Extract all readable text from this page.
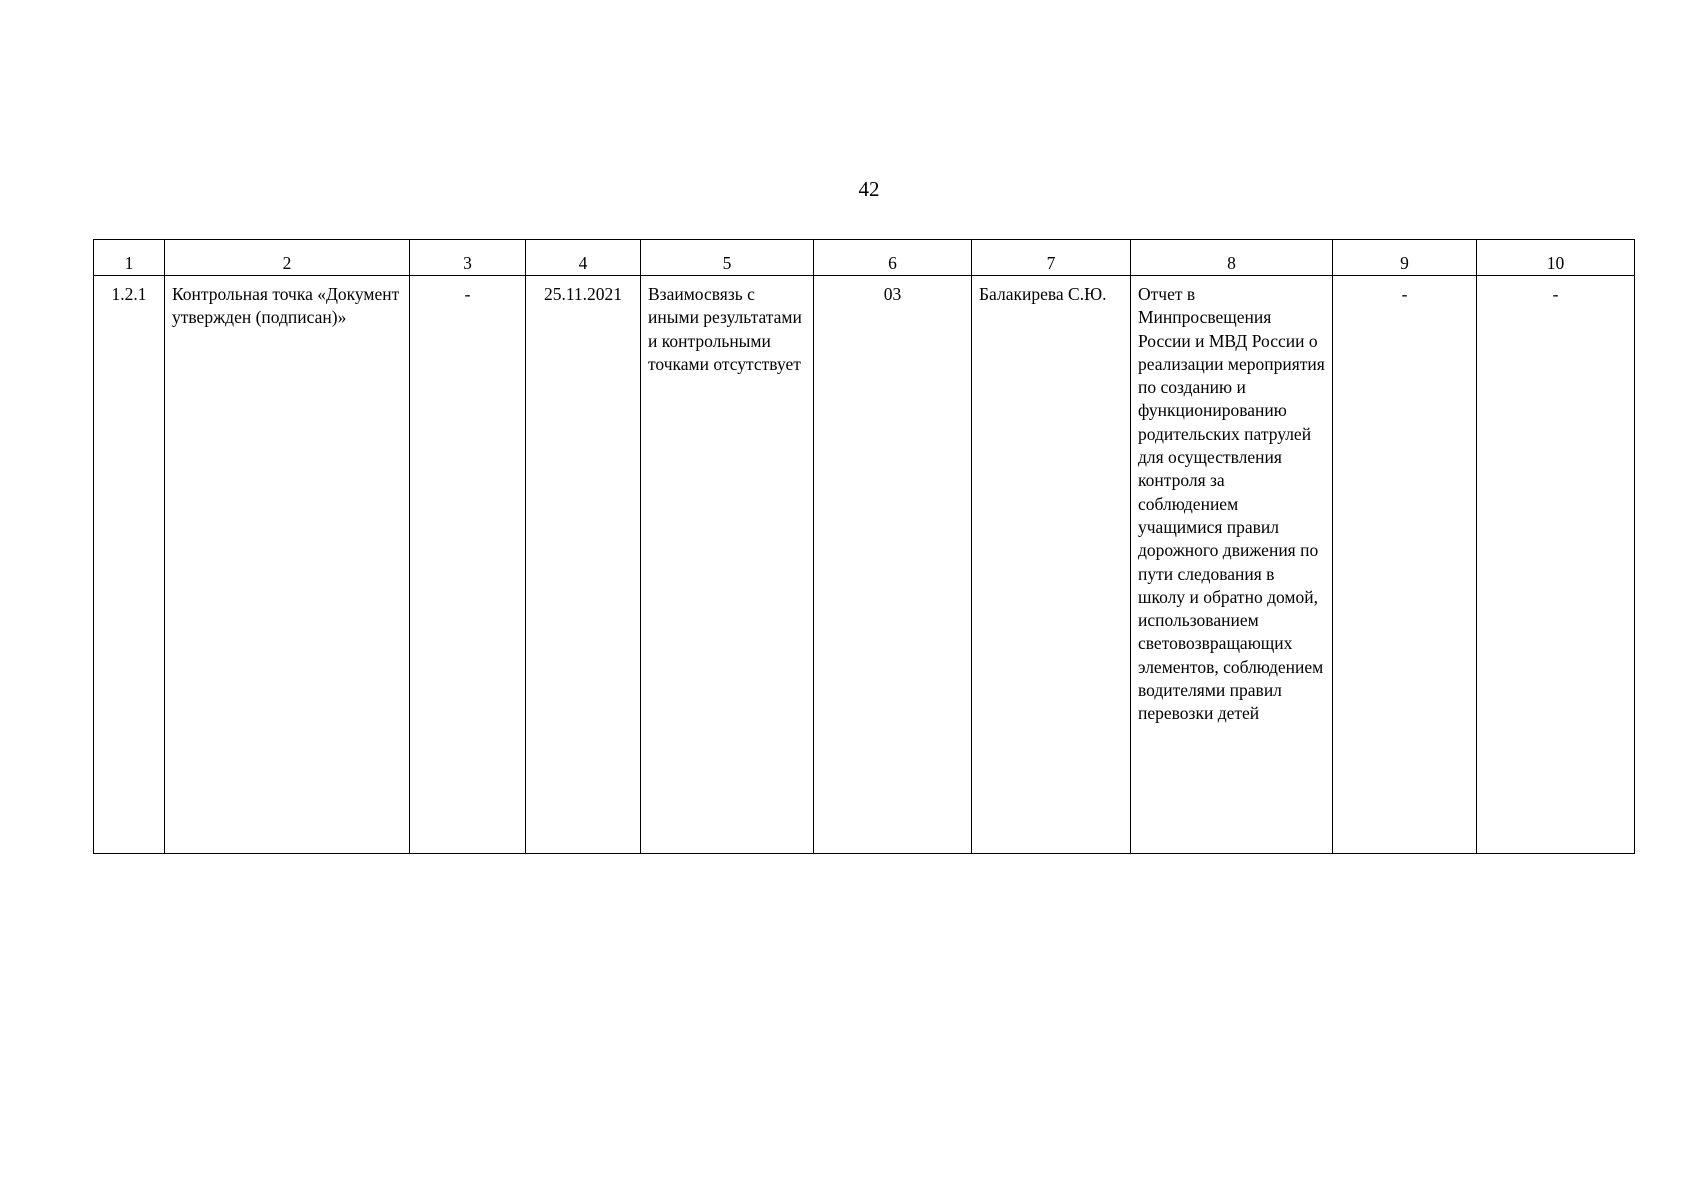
42
1	2	3	4	5	6	7	8	9	10
1.2.1	Контрольная точка «Документ утвержден (подписан)»	-	25.11.2021	Взаимосвязь с иными результатами и контрольными точками отсутствует	03	Балакирева С.Ю.	Отчет в Минпросвещения России и МВД России о реализации мероприятия по созданию и функционированию родительских патрулей для осуществления контроля за соблюдением учащимися правил дорожного движения по пути следования в школу и обратно домой, использованием световозвращающих элементов, соблюдением водителями правил перевозки детей	-	-
